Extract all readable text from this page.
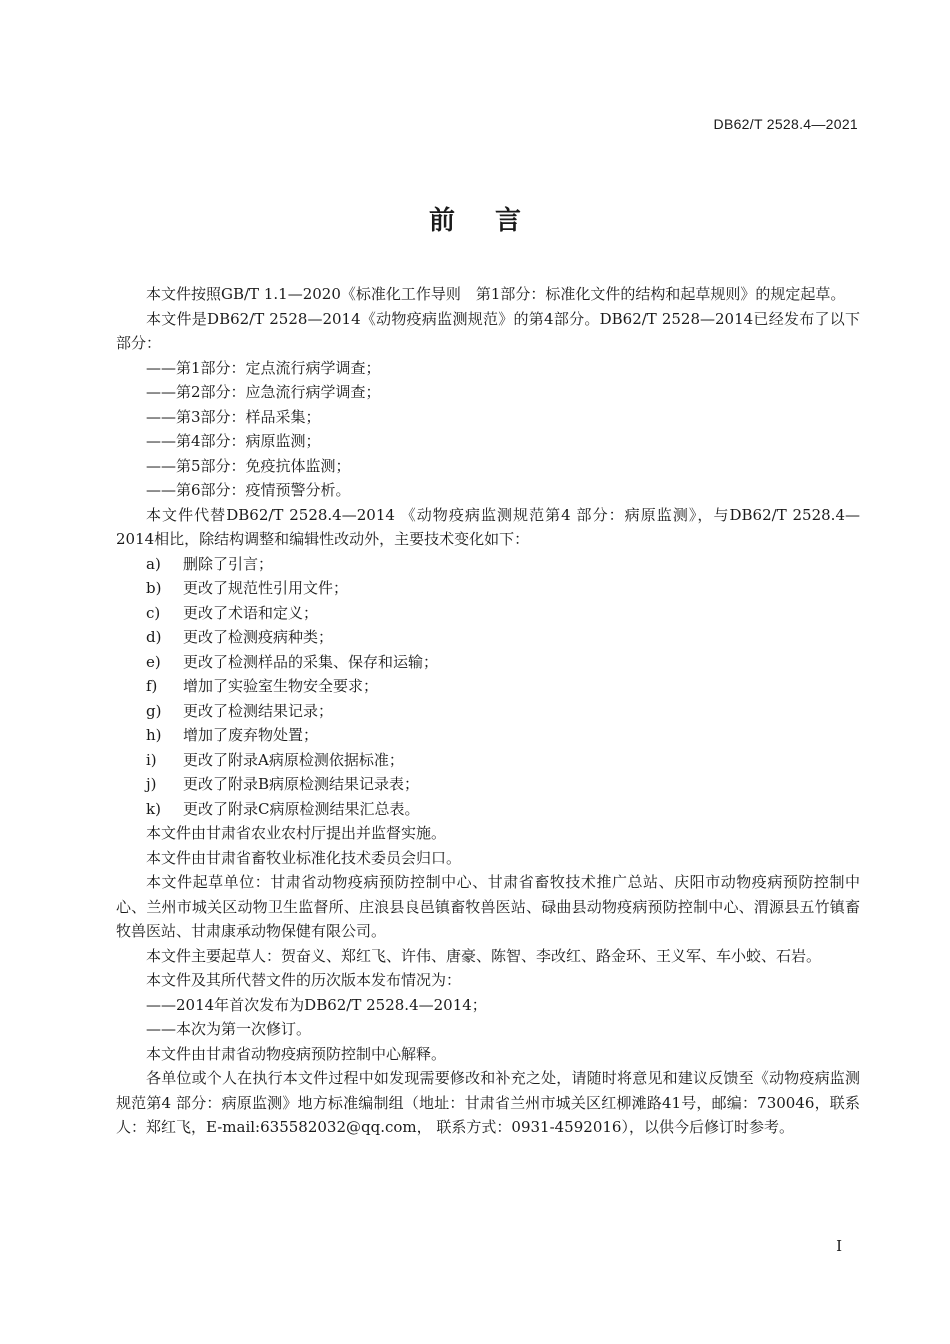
DB62/T 2528.4—2021
前言

本文件按照GB/T 1.1—2020《标准化工作导则　第1部分：标准化文件的结构和起草规则》的规定起草。

本文件是DB62/T 2528—2014《动物疫病监测规范》的第4部分。DB62/T 2528—2014已经发布了以下部分：

——第1部分：定点流行病学调查；

——第2部分：应急流行病学调查；

——第3部分：样品采集；

——第4部分：病原监测；

——第5部分：免疫抗体监测；

——第6部分：疫情预警分析。

本文件代替DB62/T 2528.4—2014 《动物疫病监测规范第4 部分：病原监测》，与DB62/T 2528.4—2014相比，除结构调整和编辑性改动外，主要技术变化如下：

a)	删除了引言；
b)	更改了规范性引用文件；
c)	更改了术语和定义；
d)	更改了检测疫病种类；
e)	更改了检测样品的采集、保存和运输；
f)	增加了实验室生物安全要求；
g)	更改了检测结果记录；
h)	增加了废弃物处置；
i)	更改了附录A病原检测依据标准；
j)	更改了附录B病原检测结果记录表；
k)	更改了附录C病原检测结果汇总表。

本文件由甘肃省农业农村厅提出并监督实施。

本文件由甘肃省畜牧业标准化技术委员会归口。

本文件起草单位：甘肃省动物疫病预防控制中心、甘肃省畜牧技术推广总站、庆阳市动物疫病预防控制中心、兰州市城关区动物卫生监督所、庄浪县良邑镇畜牧兽医站、碌曲县动物疫病预防控制中心、渭源县五竹镇畜牧兽医站、甘肃康承动物保健有限公司。

本文件主要起草人：贺奋义、郑红飞、许伟、唐豪、陈智、李改红、路金环、王义军、车小蛟、石岩。

本文件及其所代替文件的历次版本发布情况为：

——2014年首次发布为DB62/T 2528.4—2014；

——本次为第一次修订。

本文件由甘肃省动物疫病预防控制中心解释。

各单位或个人在执行本文件过程中如发现需要修改和补充之处，请随时将意见和建议反馈至《动物疫病监测规范第4 部分：病原监测》地方标准编制组（地址：甘肃省兰州市城关区红柳滩路41号，邮编：730046，联系人：郑红飞，E-mail:635582032@qq.com， 联系方式：0931-4592016），以供今后修订时参考。

I
